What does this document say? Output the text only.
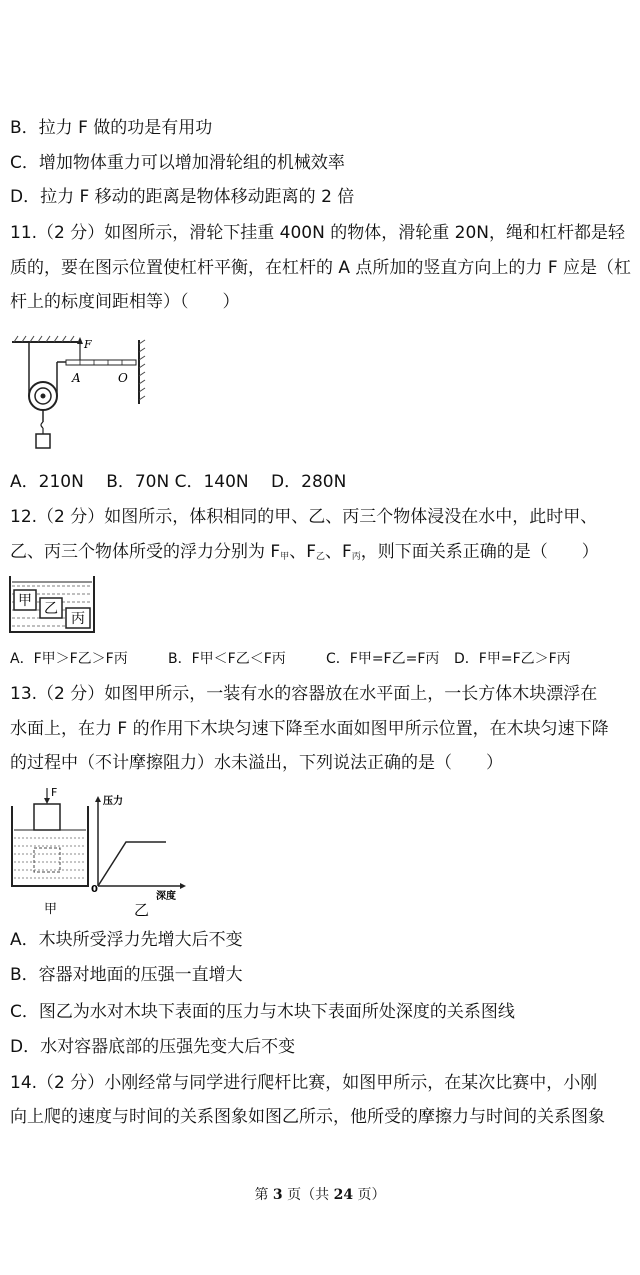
B．拉力 F 做的功是有用功
C．增加物体重力可以增加滑轮组的机械效率
D．拉力 F 移动的距离是物体移动距离的 2 倍
11.（2 分）如图所示，滑轮下挂重 400N 的物体，滑轮重 20N，绳和杠杆都是轻
质的，要在图示位置使杠杆平衡，在杠杆的 A 点所加的竖直方向上的力 F 应是（杠
杆上的标度间距相等）（　　）
F
A	O
A．210N　 B．70N C．140N　 D．280N
12.（2 分）如图所示，体积相同的甲、乙、丙三个物体浸没在水中，此时甲、
乙、丙三个物体所受的浮力分别为 $F_甲$、$F_乙$、$F_丙$，则下面关系正确的是（　　）
甲 乙
丙
A．F甲＞F乙＞F丙	B．F甲＜F乙＜F丙	C．F甲=F乙=F丙 D．F甲=F乙＞F丙
13.（2 分）如图甲所示，一装有水的容器放在水平面上，一长方体木块漂浮在
水面上，在力 F 的作用下木块匀速下降至水面如图甲所示位置，在木块匀速下降
的过程中（不计摩擦阻力）水未溢出，下列说法正确的是（　　）
F
甲
压力
深度
0
乙
A．木块所受浮力先增大后不变
B．容器对地面的压强一直增大
C．图乙为水对木块下表面的压力与木块下表面所处深度的关系图线
D．水对容器底部的压强先变大后不变
14.（2 分）小刚经常与同学进行爬杆比赛，如图甲所示，在某次比赛中，小刚
向上爬的速度与时间的关系图象如图乙所示，他所受的摩擦力与时间的关系图象
第 3 页（共 24 页）
